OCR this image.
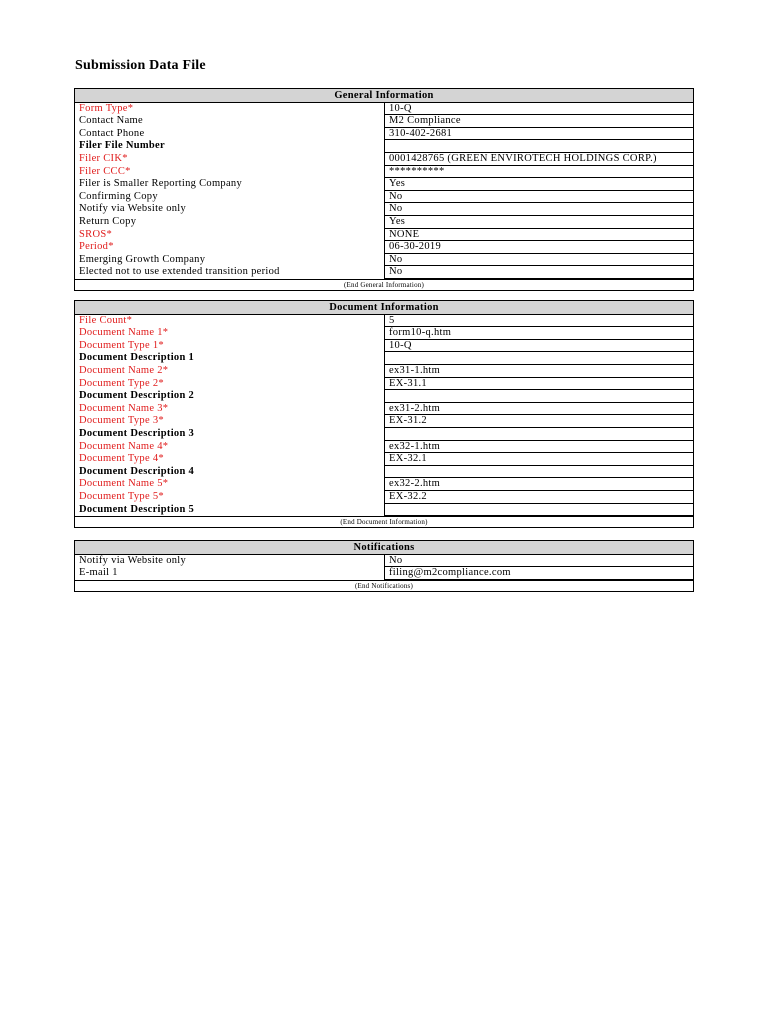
Submission Data File
General Information
Form Type*	10-Q
Contact Name	M2 Compliance
Contact Phone	310-402-2681
Filer File Number
Filer CIK*	0001428765 (GREEN ENVIROTECH HOLDINGS CORP.)
Filer CCC*	**********
Filer is Smaller Reporting Company	Yes
Confirming Copy	No
Notify via Website only	No
Return Copy	Yes
SROS*	NONE
Period*	06-30-2019
Emerging Growth Company	No
Elected not to use extended transition period	No
(End General Information)
Document Information
File Count*	5
Document Name 1*	form10-q.htm
Document Type 1*	10-Q
Document Description 1
Document Name 2*	ex31-1.htm
Document Type 2*	EX-31.1
Document Description 2
Document Name 3*	ex31-2.htm
Document Type 3*	EX-31.2
Document Description 3
Document Name 4*	ex32-1.htm
Document Type 4*	EX-32.1
Document Description 4
Document Name 5*	ex32-2.htm
Document Type 5*	EX-32.2
Document Description 5
(End Document Information)
Notifications
Notify via Website only	No
E-mail 1	filing@m2compliance.com
(End Notifications)
